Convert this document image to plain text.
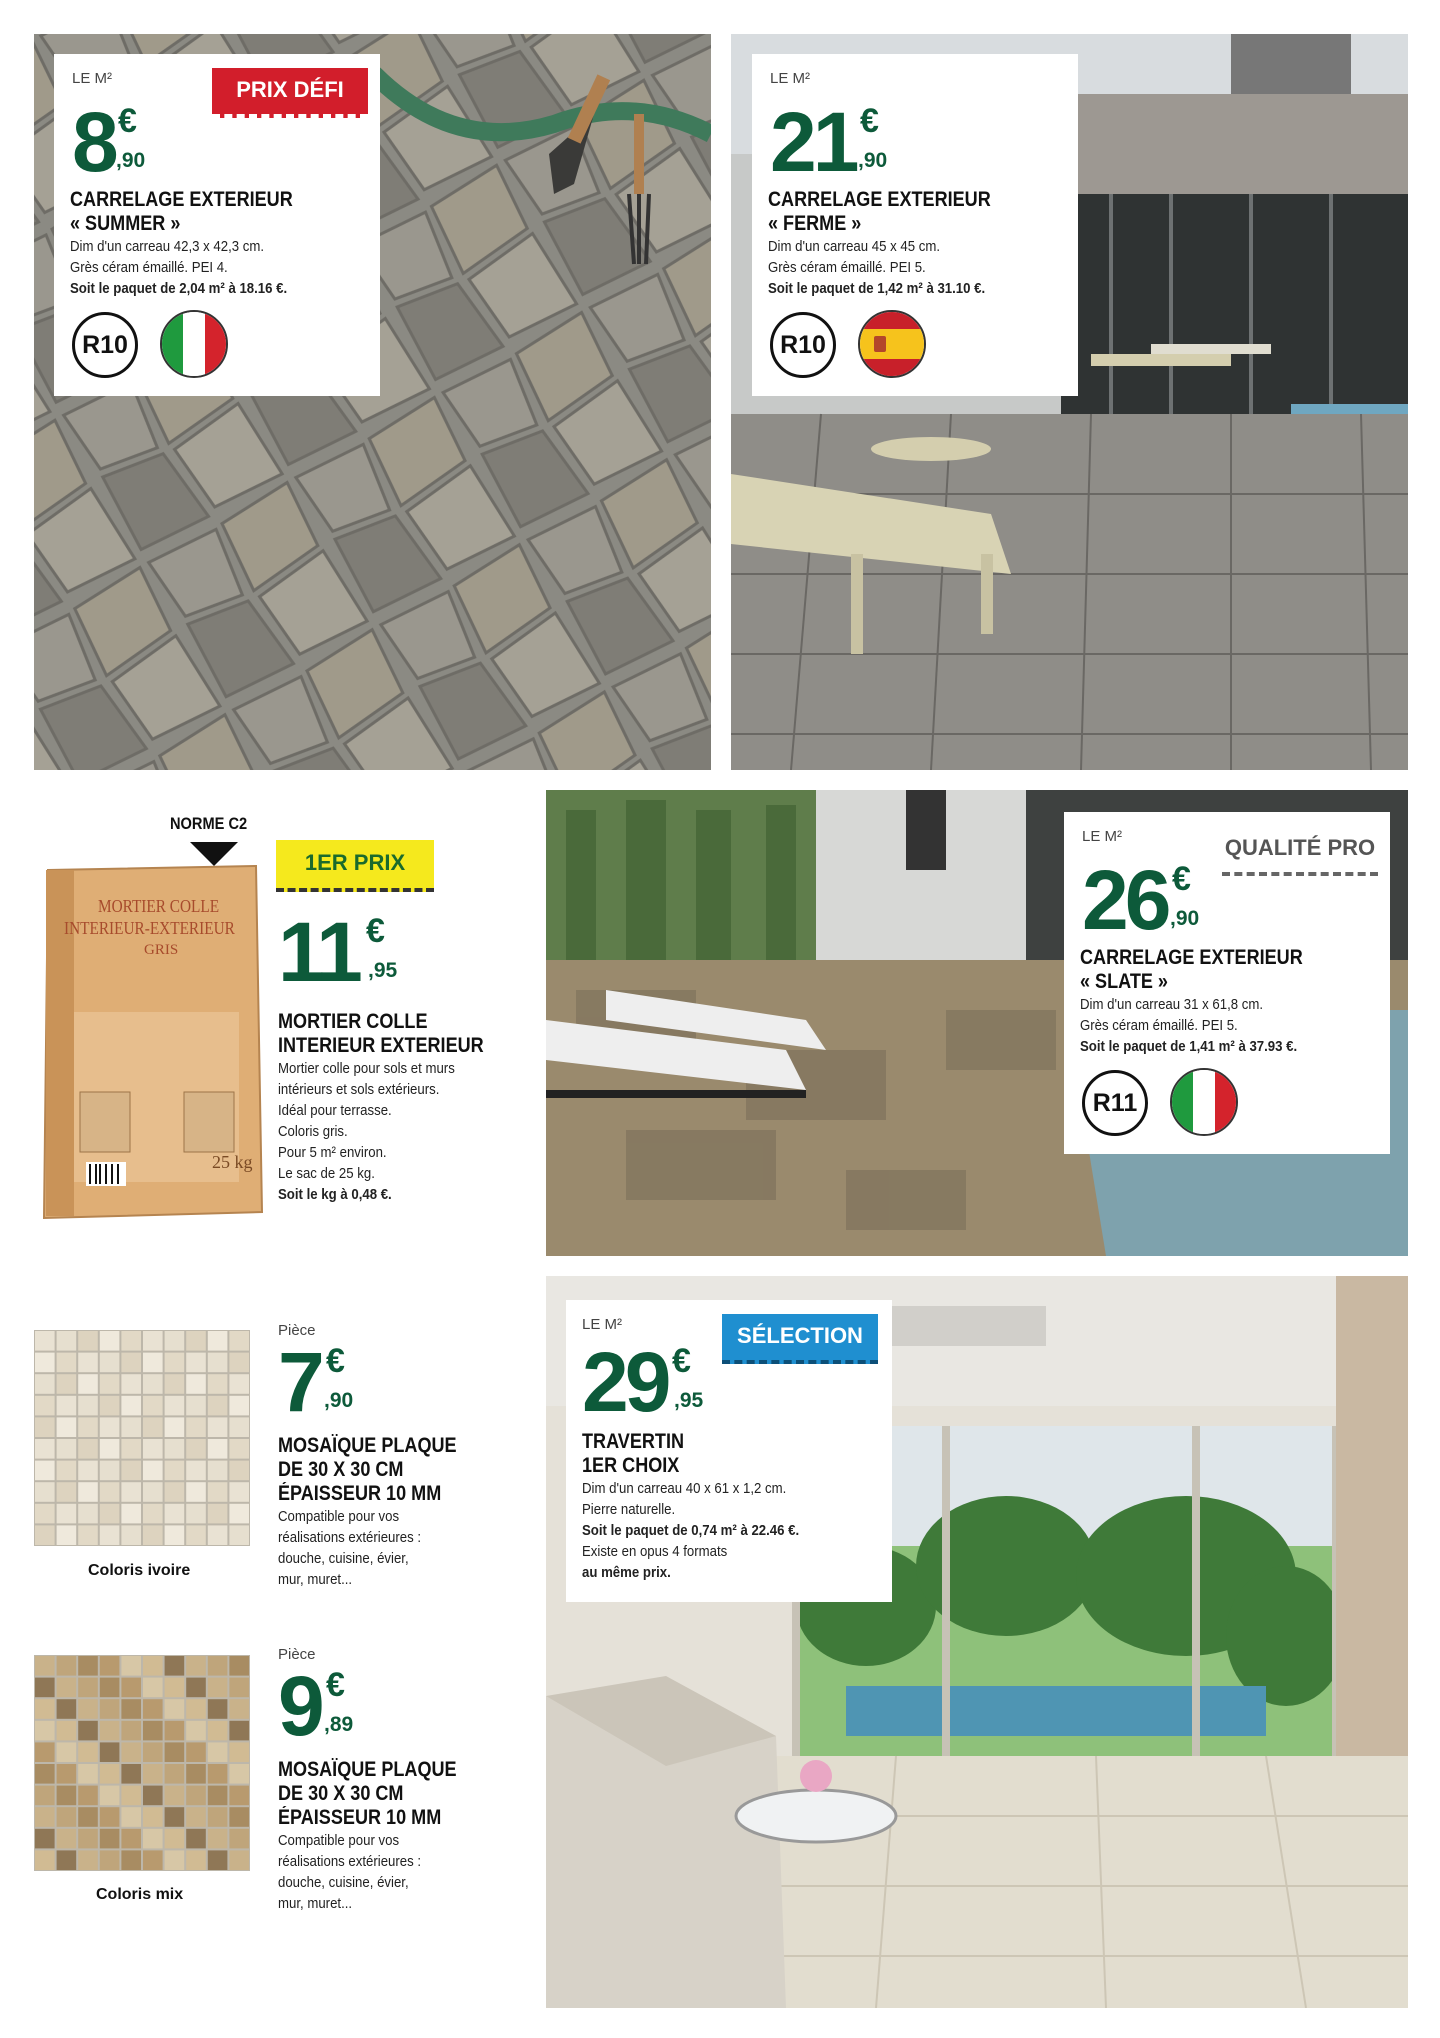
LE M²	PRIX DÉFI
8 €
,90
CARRELAGE EXTERIEUR
« SUMMER »
Dim d'un carreau 42,3 x 42,3 cm.
Grès céram émaillé. PEI 4.
Soit le paquet de 2,04 m² à 18.16 €.
R10
LE M²
21 €
,90
CARRELAGE EXTERIEUR
« FERME »
Dim d'un carreau 45 x 45 cm.
Grès céram émaillé. PEI 5.
Soit le paquet de 1,42 m² à 31.10 €.
R10
NORME C2
MORTIER COLLE
INTERIEUR-EXTERIEUR
GRIS
25 kg
1ER PRIX
11 €
,95
MORTIER COLLE
INTERIEUR EXTERIEUR
Mortier colle pour sols et murs
intérieurs et sols extérieurs.
Idéal pour terrasse.
Coloris gris.
Pour 5 m² environ.
Le sac de 25 kg.
Soit le kg à 0,48 €.
LE M²	QUALITÉ PRO
26 €
,90
CARRELAGE EXTERIEUR
« SLATE »
Dim d'un carreau 31 x 61,8 cm.
Grès céram émaillé. PEI 5.
Soit le paquet de 1,41 m² à 37.93 €.
R11
Coloris ivoire
Pièce
7 €
,90
MOSAÏQUE PLAQUE
DE 30 X 30 CM
ÉPAISSEUR 10 MM
Compatible pour vos
réalisations extérieures :
douche, cuisine, évier,
mur, muret...
Coloris mix
Pièce
9 €
,89
MOSAÏQUE PLAQUE
DE 30 X 30 CM
ÉPAISSEUR 10 MM
Compatible pour vos
réalisations extérieures :
douche, cuisine, évier,
mur, muret...
LE M²	SÉLECTION
29 €
,95
TRAVERTIN
1ER CHOIX
Dim d'un carreau 40 x 61 x 1,2 cm.
Pierre naturelle.
Soit le paquet de 0,74 m² à 22.46 €.
Existe en opus 4 formats
au même prix.
